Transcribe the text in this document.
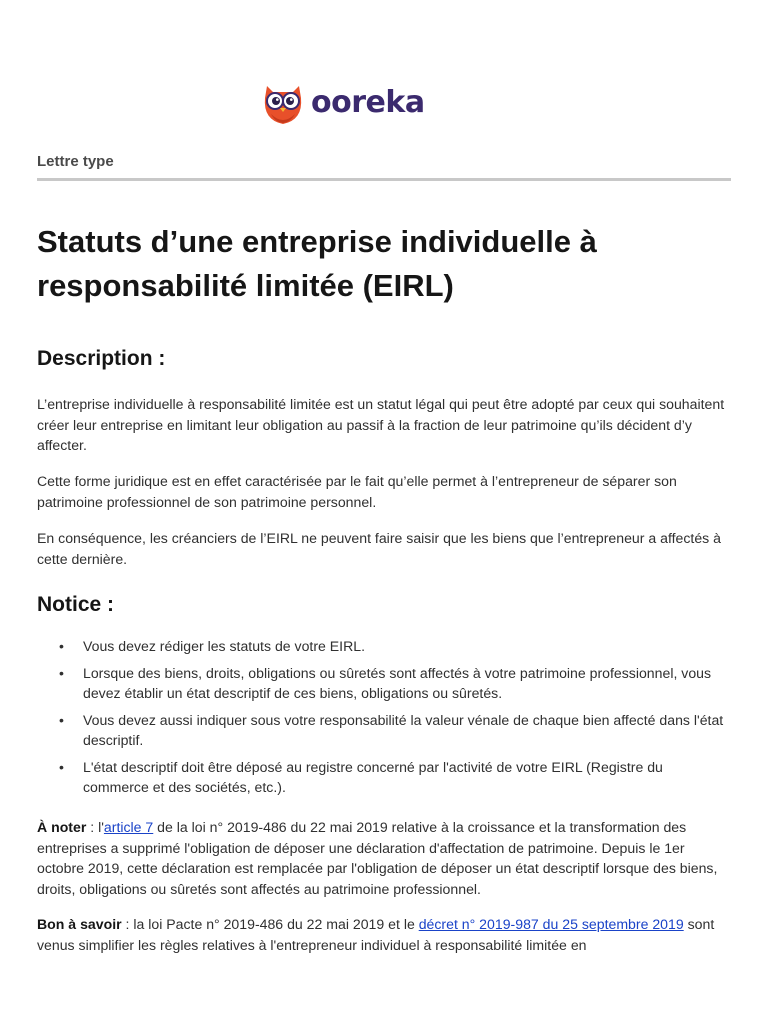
ooreka
Lettre type
Statuts d’une entreprise individuelle à responsabilité limitée (EIRL)
Description :

L’entreprise individuelle à responsabilité limitée est un statut légal qui peut être adopté par ceux qui souhaitent créer leur entreprise en limitant leur obligation au passif à la fraction de leur patrimoine qu’ils décident d’y affecter.

Cette forme juridique est en effet caractérisée par le fait qu’elle permet à l’entrepreneur de séparer son patrimoine professionnel de son patrimoine personnel.

En conséquence, les créanciers de l’EIRL ne peuvent faire saisir que les biens que l’entrepreneur a affectés à cette dernière.

Notice :
• Vous devez rédiger les statuts de votre EIRL.
• Lorsque des biens, droits, obligations ou sûretés sont affectés à votre patrimoine professionnel, vous devez établir un état descriptif de ces biens, obligations ou sûretés.
• Vous devez aussi indiquer sous votre responsabilité la valeur vénale de chaque bien affecté dans l'état descriptif.
• L'état descriptif doit être déposé au registre concerné par l'activité de votre EIRL (Registre du commerce et des sociétés, etc.).

À noter : l'article 7 de la loi n° 2019-486 du 22 mai 2019 relative à la croissance et la transformation des entreprises a supprimé l'obligation de déposer une déclaration d'affectation de patrimoine. Depuis le 1er octobre 2019, cette déclaration est remplacée par l'obligation de déposer un état descriptif lorsque des biens, droits, obligations ou sûretés sont affectés au patrimoine professionnel.

Bon à savoir : la loi Pacte n° 2019-486 du 22 mai 2019 et le décret n° 2019-987 du 25 septembre 2019 sont venus simplifier les règles relatives à l'entrepreneur individuel à responsabilité limitée en
